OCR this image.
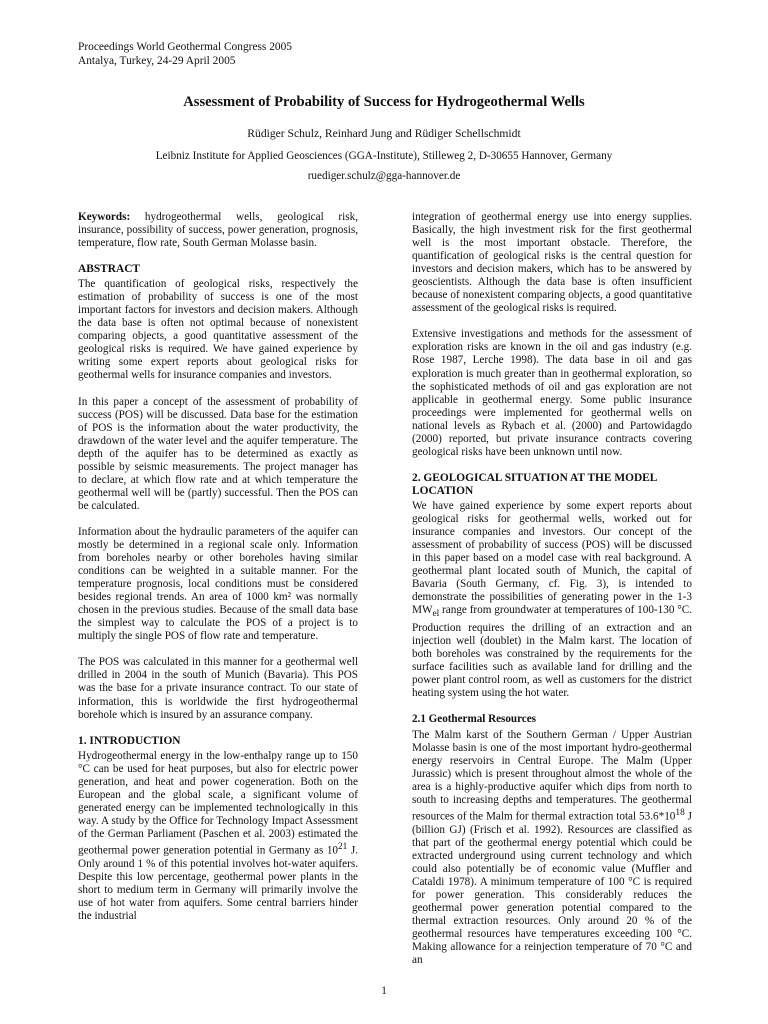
Proceedings World Geothermal Congress 2005
Antalya, Turkey, 24-29 April 2005
Assessment of Probability of Success for Hydrogeothermal Wells
Rüdiger Schulz, Reinhard Jung and Rüdiger Schellschmidt
Leibniz Institute for Applied Geosciences (GGA-Institute), Stilleweg 2, D-30655 Hannover, Germany
ruediger.schulz@gga-hannover.de

Keywords: hydrogeothermal wells, geological risk, insurance, possibility of success, power generation, prognosis, temperature, flow rate, South German Molasse basin.

ABSTRACT

The quantification of geological risks, respectively the estimation of probability of success is one of the most important factors for investors and decision makers. Although the data base is often not optimal because of nonexistent comparing objects, a good quantitative assessment of the geological risks is required. We have gained experience by writing some expert reports about geological risks for geothermal wells for insurance companies and investors.

In this paper a concept of the assessment of probability of success (POS) will be discussed. Data base for the estimation of POS is the information about the water productivity, the drawdown of the water level and the aquifer temperature. The depth of the aquifer has to be determined as exactly as possible by seismic measurements. The project manager has to declare, at which flow rate and at which temperature the geothermal well will be (partly) successful. Then the POS can be calculated.

Information about the hydraulic parameters of the aquifer can mostly be determined in a regional scale only. Information from boreholes nearby or other boreholes having similar conditions can be weighted in a suitable manner. For the temperature prognosis, local conditions must be considered besides regional trends. An area of 1000 km² was normally chosen in the previous studies. Because of the small data base the simplest way to calculate the POS of a project is to multiply the single POS of flow rate and temperature.

The POS was calculated in this manner for a geothermal well drilled in 2004 in the south of Munich (Bavaria). This POS was the base for a private insurance contract. To our state of information, this is worldwide the first hydrogeothermal borehole which is insured by an assurance company.

1. INTRODUCTION

Hydrogeothermal energy in the low-enthalpy range up to 150 °C can be used for heat purposes, but also for electric power generation, and heat and power cogeneration. Both on the European and the global scale, a significant volume of generated energy can be implemented technologically in this way. A study by the Office for Technology Impact Assessment of the German Parliament (Paschen et al. 2003) estimated the geothermal power generation potential in Germany as $10^{21}$ J. Only around 1 % of this potential involves hot-water aquifers. Despite this low percentage, geothermal power plants in the short to medium term in Germany will primarily involve the use of hot water from aquifers. Some central barriers hinder the industrial

integration of geothermal energy use into energy supplies. Basically, the high investment risk for the first geothermal well is the most important obstacle. Therefore, the quantification of geological risks is the central question for investors and decision makers, which has to be answered by geoscientists. Although the data base is often insufficient because of nonexistent comparing objects, a good quantitative assessment of the geological risks is required.

Extensive investigations and methods for the assessment of exploration risks are known in the oil and gas industry (e.g. Rose 1987, Lerche 1998). The data base in oil and gas exploration is much greater than in geothermal exploration, so the sophisticated methods of oil and gas exploration are not applicable in geothermal energy. Some public insurance proceedings were implemented for geothermal wells on national levels as Rybach et al. (2000) and Partowidagdo (2000) reported, but private insurance contracts covering geological risks have been unknown until now.

2. GEOLOGICAL SITUATION AT THE MODEL LOCATION

We have gained experience by some expert reports about geological risks for geothermal wells, worked out for insurance companies and investors. Our concept of the assessment of probability of success (POS) will be discussed in this paper based on a model case with real background. A geothermal plant located south of Munich, the capital of Bavaria (South Germany, cf. Fig. 3), is intended to demonstrate the possibilities of generating power in the 1-3 $MW_{el}$ range from groundwater at temperatures of 100-130 °C. Production requires the drilling of an extraction and an injection well (doublet) in the Malm karst. The location of both boreholes was constrained by the requirements for the surface facilities such as available land for drilling and the power plant control room, as well as customers for the district heating system using the hot water.

2.1 Geothermal Resources

The Malm karst of the Southern German / Upper Austrian Molasse basin is one of the most important hydro-geothermal energy reservoirs in Central Europe. The Malm (Upper Jurassic) which is present throughout almost the whole of the area is a highly-productive aquifer which dips from north to south to increasing depths and temperatures. The geothermal resources of the Malm for thermal extraction total $53.6*10^{18}$ J (billion GJ) (Frisch et al. 1992). Resources are classified as that part of the geothermal energy potential which could be extracted underground using current technology and which could also potentially be of economic value (Muffler and Cataldi 1978). A minimum temperature of 100 °C is required for power generation. This considerably reduces the geothermal power generation potential compared to the thermal extraction resources. Only around 20 % of the geothermal resources have temperatures exceeding 100 °C. Making allowance for a reinjection temperature of 70 °C and an

1
